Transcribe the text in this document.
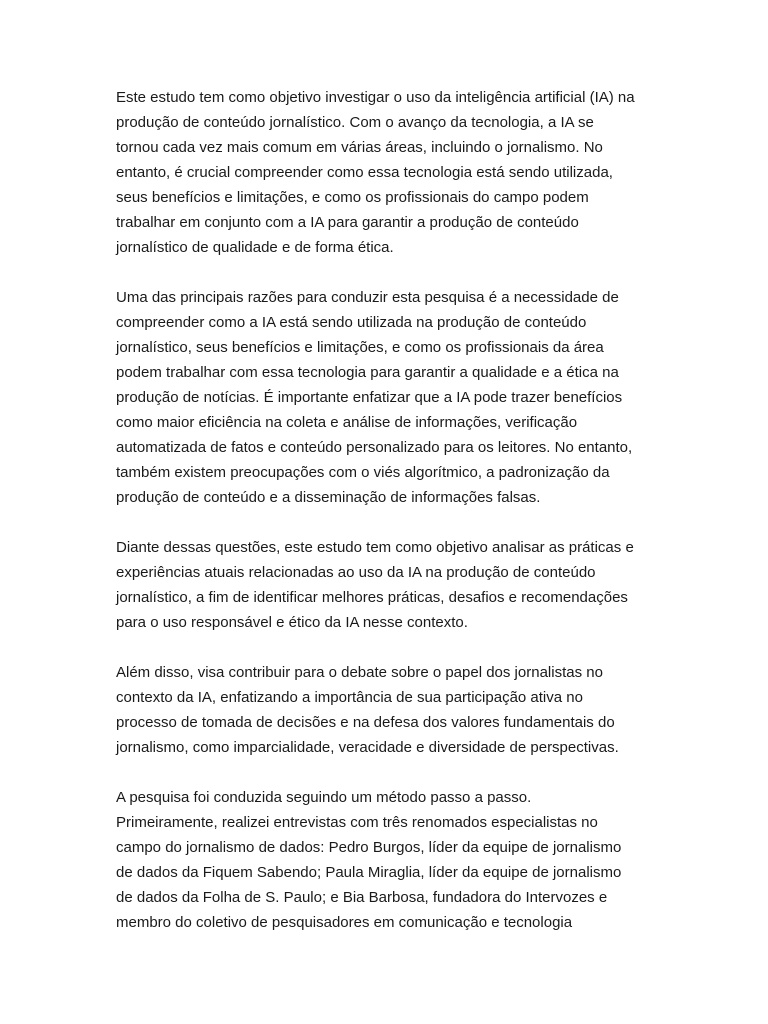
Este estudo tem como objetivo investigar o uso da inteligência artificial (IA) na
produção de conteúdo jornalístico. Com o avanço da tecnologia, a IA se
tornou cada vez mais comum em várias áreas, incluindo o jornalismo. No
entanto, é crucial compreender como essa tecnologia está sendo utilizada,
seus benefícios e limitações, e como os profissionais do campo podem
trabalhar em conjunto com a IA para garantir a produção de conteúdo
jornalístico de qualidade e de forma ética.

Uma das principais razões para conduzir esta pesquisa é a necessidade de
compreender como a IA está sendo utilizada na produção de conteúdo
jornalístico, seus benefícios e limitações, e como os profissionais da área
podem trabalhar com essa tecnologia para garantir a qualidade e a ética na
produção de notícias. É importante enfatizar que a IA pode trazer benefícios
como maior eficiência na coleta e análise de informações, verificação
automatizada de fatos e conteúdo personalizado para os leitores. No entanto,
também existem preocupações com o viés algorítmico, a padronização da
produção de conteúdo e a disseminação de informações falsas.

Diante dessas questões, este estudo tem como objetivo analisar as práticas e
experiências atuais relacionadas ao uso da IA na produção de conteúdo
jornalístico, a fim de identificar melhores práticas, desafios e recomendações
para o uso responsável e ético da IA nesse contexto.

Além disso, visa contribuir para o debate sobre o papel dos jornalistas no
contexto da IA, enfatizando a importância de sua participação ativa no
processo de tomada de decisões e na defesa dos valores fundamentais do
jornalismo, como imparcialidade, veracidade e diversidade de perspectivas.

A pesquisa foi conduzida seguindo um método passo a passo.
Primeiramente, realizei entrevistas com três renomados especialistas no
campo do jornalismo de dados: Pedro Burgos, líder da equipe de jornalismo
de dados da Fiquem Sabendo; Paula Miraglia, líder da equipe de jornalismo
de dados da Folha de S. Paulo; e Bia Barbosa, fundadora do Intervozes e
membro do coletivo de pesquisadores em comunicação e tecnologia
